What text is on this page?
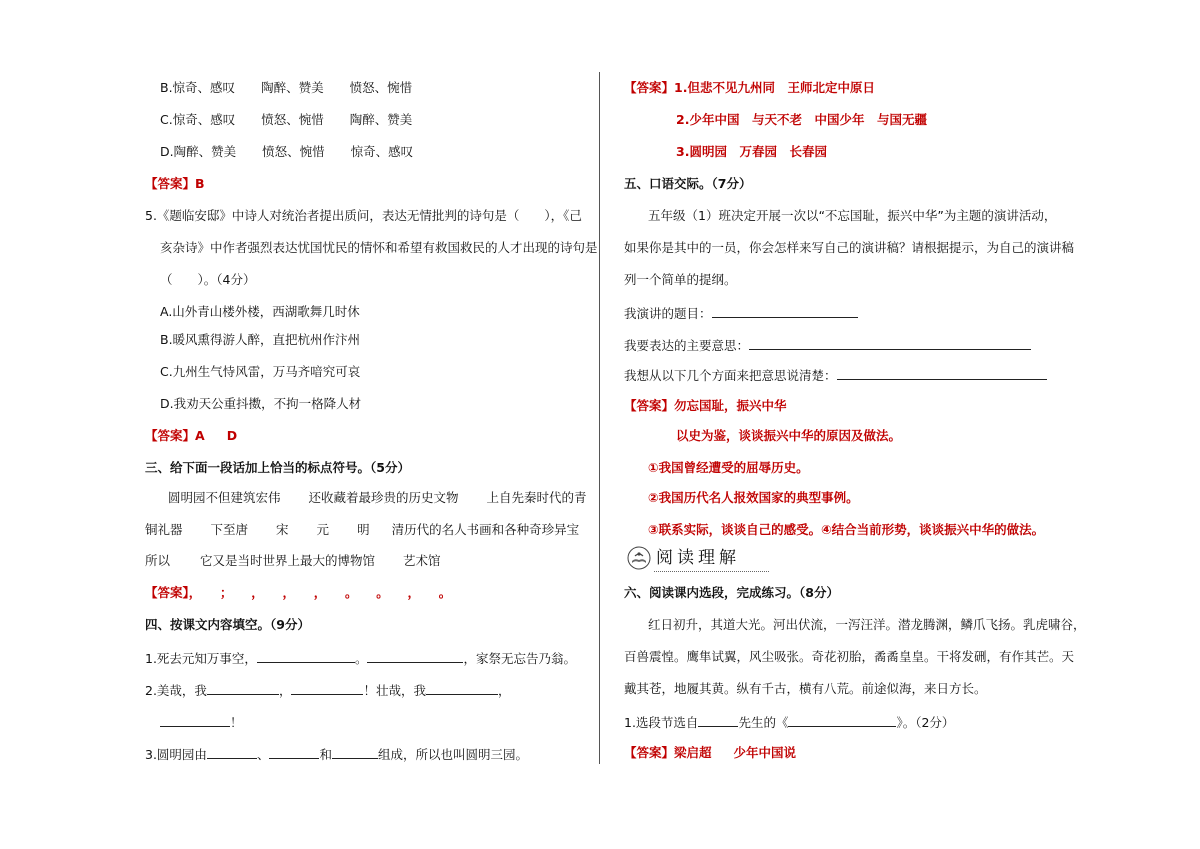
B.惊奇、感叹 陶醉、赞美 愤怒、惋惜
C.惊奇、感叹 愤怒、惋惜 陶醉、赞美
D.陶醉、赞美 愤怒、惋惜 惊奇、感叹
【答案】B
5.《题临安邸》中诗人对统治者提出质问，表达无情批判的诗句是（　　），《己
亥杂诗》中作者强烈表达忧国忧民的情怀和希望有救国救民的人才出现的诗句是
（　　）。（4分）
A.山外青山楼外楼，西湖歌舞几时休
B.暖风熏得游人醉，直把杭州作汴州
C.九州生气恃风雷，万马齐喑究可哀
D.我劝天公重抖擞，不拘一格降人材
【答案】A D
三、给下面一段话加上恰当的标点符号。（5分）
圆明园不但建筑宏伟 还收藏着最珍贵的历史文物 上自先秦时代的青
铜礼器 下至唐 宋 元 明 清历代的名人书画和各种奇珍异宝
所以 它又是当时世界上最大的博物馆 艺术馆
【答案】，　　；　　，　　，　　，　　。　　。　　，　　。
四、按课文内容填空。（9分）
1.死去元知万事空，	。	，家祭无忘告乃翁。
2.美哉，我	，	！壮哉，我	，
！
3.圆明园由	、	和	组成，所以也叫圆明三园。
【答案】1.但悲不见九州同　王师北定中原日
2.少年中国　与天不老　中国少年　与国无疆
3.圆明园　万春园　长春园
五、口语交际。（7分）
五年级（1）班决定开展一次以“不忘国耻，振兴中华”为主题的演讲活动，
如果你是其中的一员，你会怎样来写自己的演讲稿？请根据提示，为自己的演讲稿
列一个简单的提纲。
我演讲的题目：
我要表达的主要意思：
我想从以下几个方面来把意思说清楚：
【答案】勿忘国耻，振兴中华
以史为鉴，谈谈振兴中华的原因及做法。
①我国曾经遭受的屈辱历史。
②我国历代名人报效国家的典型事例。
③联系实际，谈谈自己的感受。④结合当前形势，谈谈振兴中华的做法。
六、阅读课内选段，完成练习。（8分）
红日初升，其道大光。河出伏流，一泻汪洋。潜龙腾渊，鳞爪飞扬。乳虎啸谷，
百兽震惶。鹰隼试翼，风尘吸张。奇花初胎，矞矞皇皇。干将发硎，有作其芒。天
戴其苍，地履其黄。纵有千古，横有八荒。前途似海，来日方长。
1.选段节选自	先生的《	》。（2分）
【答案】梁启超 少年中国说
阅读理解
